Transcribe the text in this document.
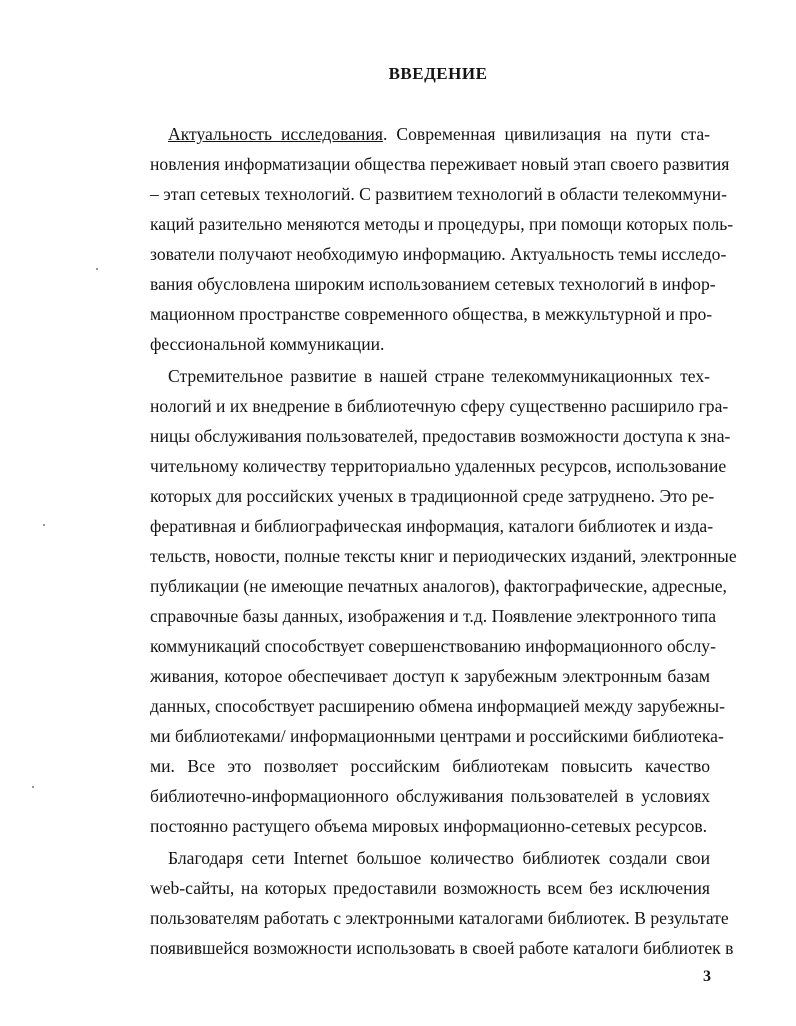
ВВЕДЕНИЕ
Актуальность исследования. Современная цивилизация на пути ста-
новления информатизации общества переживает новый этап своего развития
– этап сетевых технологий. С развитием технологий в области телекоммуни-
каций разительно меняются методы и процедуры, при помощи которых поль-
зователи получают необходимую информацию. Актуальность темы исследо-
вания обусловлена широким использованием сетевых технологий в инфор-
мационном пространстве современного общества, в межкультурной и про-
фессиональной коммуникации.
Стремительное развитие в нашей стране телекоммуникационных тех-
нологий и их внедрение в библиотечную сферу существенно расширило гра-
ницы обслуживания пользователей, предоставив возможности доступа к зна-
чительному количеству территориально удаленных ресурсов, использование
которых для российских ученых в традиционной среде затруднено. Это ре-
феративная и библиографическая информация, каталоги библиотек и изда-
тельств, новости, полные тексты книг и периодических изданий, электронные
публикации (не имеющие печатных аналогов), фактографические, адресные,
справочные базы данных, изображения и т.д. Появление электронного типа
коммуникаций способствует совершенствованию информационного обслу-
живания, которое обеспечивает доступ к зарубежным электронным базам
данных, способствует расширению обмена информацией между зарубежны-
ми библиотеками/ информационными центрами и российскими библиотека-
ми. Все это позволяет российским библиотекам повысить качество
библиотечно-информационного обслуживания пользователей в условиях
постоянно растущего объема мировых информационно-сетевых ресурсов.
Благодаря сети Internet большое количество библиотек создали свои
web-сайты, на которых предоставили возможность всем без исключения
пользователям работать с электронными каталогами библиотек. В результате
появившейся возможности использовать в своей работе каталоги библиотек в
3
